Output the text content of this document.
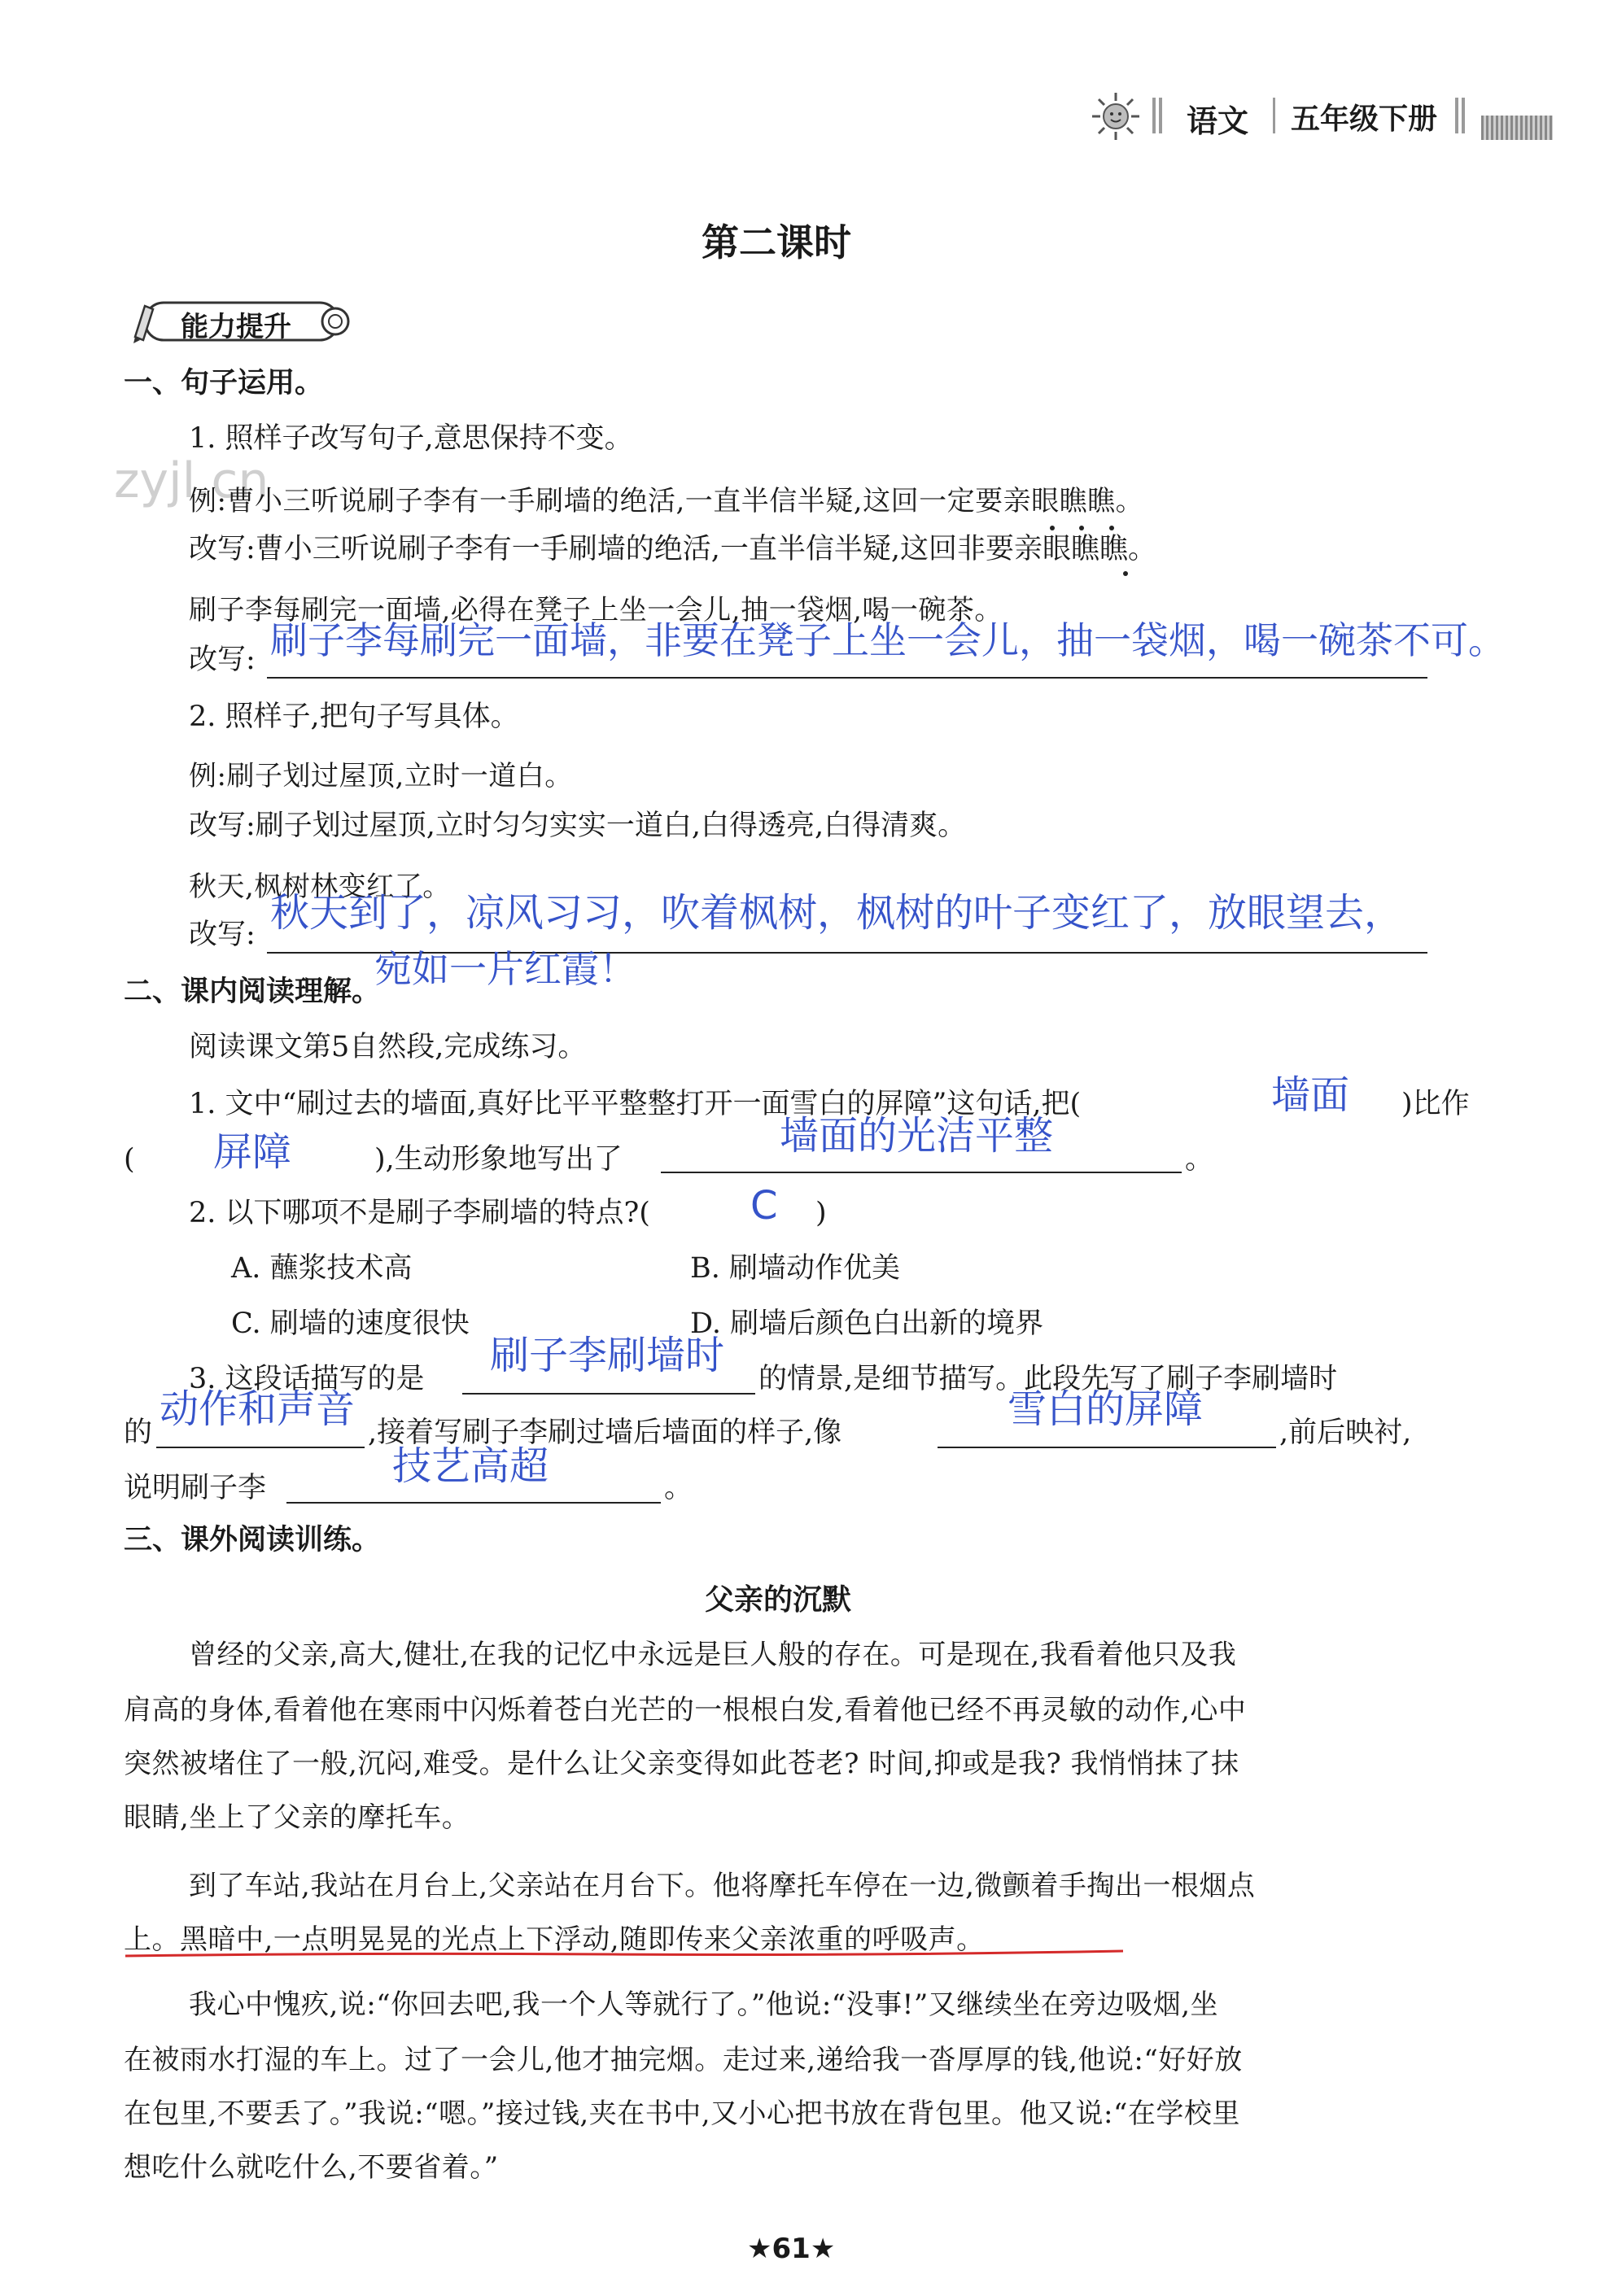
语文 五年级下册
第二课时
能力提升
zyjl.cn
一、句子运用。
1. 照样子改写句子,意思保持不变。
例:曹小三听说刷子李有一手刷墙的绝活,一直半信半疑,这回一定要亲眼瞧瞧。
改写:曹小三听说刷子李有一手刷墙的绝活,一直半信半疑,这回非要亲眼瞧瞧。
刷子李每刷完一面墙,必得在凳子上坐一会儿,抽一袋烟,喝一碗茶。
改写: 刷子李每刷完一面墙，非要在凳子上坐一会儿，抽一袋烟，喝一碗茶不可。
2. 照样子,把句子写具体。
例:刷子划过屋顶,立时一道白。
改写:刷子划过屋顶,立时匀匀实实一道白,白得透亮,白得清爽。
秋天,枫树林变红了。
改写: 秋天到了，凉风习习，吹着枫树，枫树的叶子变红了，放眼望去，
宛如一片红霞！
二、课内阅读理解。
阅读课文第5自然段,完成练习。
1. 文中“刷过去的墙面,真好比平平整整打开一面雪白的屏障”这句话,把(	墙面 )比作
( 屏障	),生动形象地写出了
墙面的光洁平整
。
2. 以下哪项不是刷子李刷墙的特点?(	C )
A. 蘸浆技术高	B. 刷墙动作优美
C. 刷墙的速度很快	D. 刷墙后颜色白出新的境界
3. 这段话描写的是
刷子李刷墙时
的情景,是细节描写。此段先写了刷子李刷墙时
的
动作和声音
,接着写刷子李刷过墙后墙面的样子,像
雪白的屏障
,前后映衬,
说明刷子李	技艺高超	。
三、课外阅读训练。
父亲的沉默
曾经的父亲,高大,健壮,在我的记忆中永远是巨人般的存在。可是现在,我看着他只及我
肩高的身体,看着他在寒雨中闪烁着苍白光芒的一根根白发,看着他已经不再灵敏的动作,心中
突然被堵住了一般,沉闷,难受。是什么让父亲变得如此苍老? 时间,抑或是我? 我悄悄抹了抹
眼睛,坐上了父亲的摩托车。
到了车站,我站在月台上,父亲站在月台下。他将摩托车停在一边,微颤着手掏出一根烟点
上。黑暗中,一点明晃晃的光点上下浮动,随即传来父亲浓重的呼吸声。
我心中愧疚,说:“你回去吧,我一个人等就行了。”他说:“没事!”又继续坐在旁边吸烟,坐
在被雨水打湿的车上。过了一会儿,他才抽完烟。走过来,递给我一沓厚厚的钱,他说:“好好放
在包里,不要丢了。”我说:“嗯。”接过钱,夹在书中,又小心把书放在背包里。他又说:“在学校里
想吃什么就吃什么,不要省着。”
★61★
